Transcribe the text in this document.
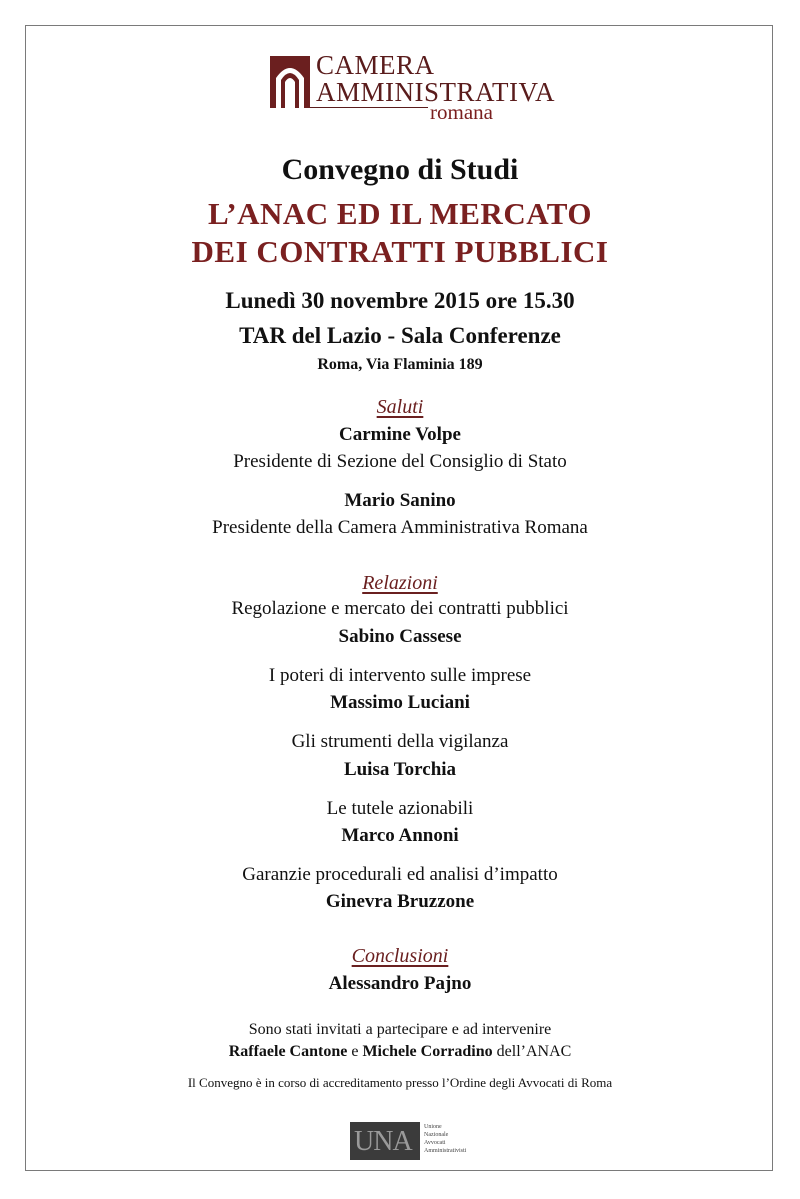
CAMERA
AMMINISTRATIVA
romana
Convegno di Studi
L’ANAC ED IL MERCATO
DEI CONTRATTI PUBBLICI
Lunedì 30 novembre 2015 ore 15.30
TAR del Lazio - Sala Conferenze
Roma, Via Flaminia 189
Saluti
Carmine Volpe
Presidente di Sezione del Consiglio di Stato
Mario Sanino
Presidente della Camera Amministrativa Romana
Relazioni
Regolazione e mercato dei contratti pubblici
Sabino Cassese
I poteri di intervento sulle imprese
Massimo Luciani
Gli strumenti della vigilanza
Luisa Torchia
Le tutele azionabili
Marco Annoni
Garanzie procedurali ed analisi d’impatto
Ginevra Bruzzone
Conclusioni
Alessandro Pajno
Sono stati invitati a partecipare e ad intervenire
Raffaele Cantone e Michele Corradino dell’ANAC
Il Convegno è in corso di accreditamento presso l’Ordine degli Avvocati di Roma
UNA Unione
Nazionale
Avvocati
Amministrativisti
